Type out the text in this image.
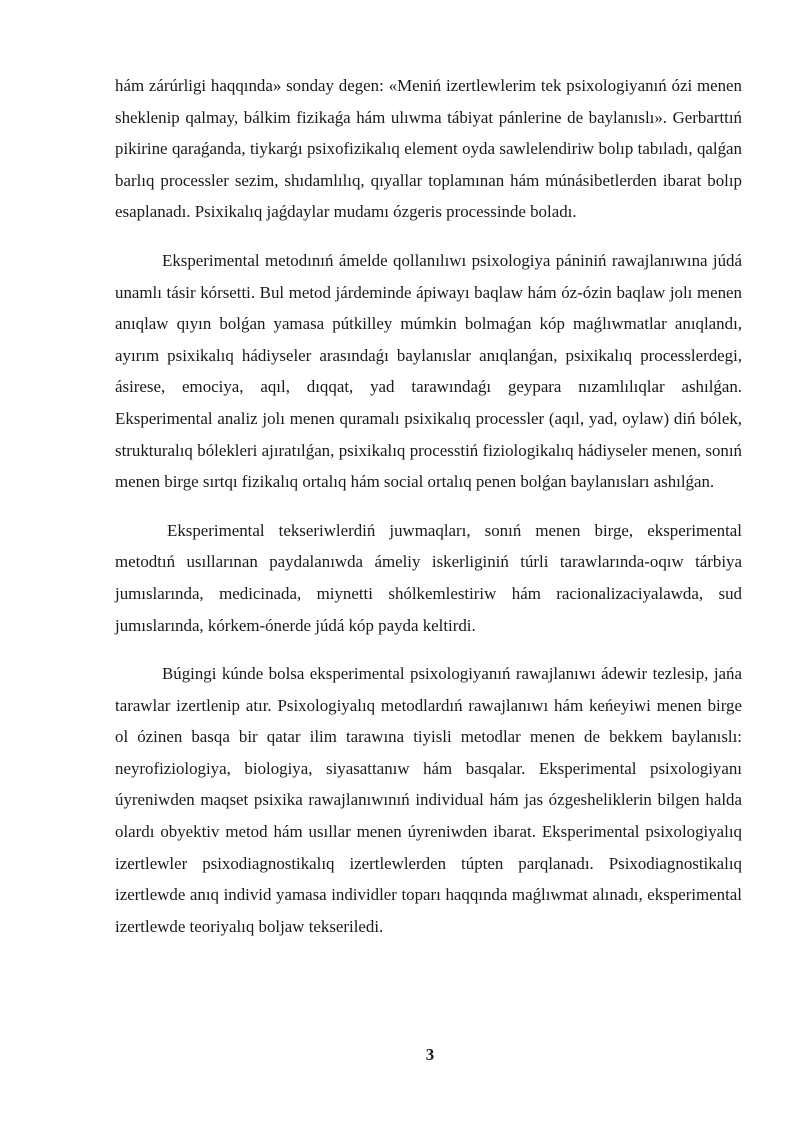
hám zárúrligi haqqında» sonday degen: «Meniń izertlewlerim tek psixologiyanıń ózi menen sheklenip qalmay, bálkim fizikaǵa hám ulıwma tábiyat pánlerine de baylanıslı». Gerbarttıń pikirine qaraǵanda, tiykarǵı psixofizikalıq element oyda sawlelendiriw bolıp tabıladı, qalǵan barlıq processler sezim, shıdamlılıq, qıyallar toplamınan hám múnásibetlerden ibarat bolıp esaplanadı. Psixikalıq jaǵdaylar mudamı ózgeris processinde boladı.

Eksperimental metodınıń ámelde qollanılıwı psixologiya pániniń rawajlanıwına júdá unamlı tásir kórsetti. Bul metod járdeminde ápiwayı baqlaw hám óz-ózin baqlaw jolı menen anıqlaw qıyın bolǵan yamasa pútkilley múmkin bolmaǵan kóp maǵlıwmatlar anıqlandı, ayırım psixikalıq hádiyseler arasındaǵı baylanıslar anıqlanǵan, psixikalıq processlerdegi, ásirese, emociya, aqıl, dıqqat, yad tarawındaǵı geypara nızamlılıqlar ashılǵan. Eksperimental analiz jolı menen quramalı psixikalıq processler (aqıl, yad, oylaw) diń bólek, strukturalıq bólekleri ajıratılǵan, psixikalıq processtiń fiziologikalıq hádiyseler menen, sonıń menen birge sırtqı fizikalıq ortalıq hám social ortalıq penen bolǵan baylanısları ashılǵan.

Eksperimental tekseriwlerdiń juwmaqları, sonıń menen birge, eksperimental metodtıń usıllarınan paydalanıwda ámeliy iskerliginiń túrli tarawlarında-oqıw tárbiya jumıslarında, medicinada, miynetti shólkemlestiriw hám racionalizaciyalawda, sud jumıslarında, kórkem-ónerde júdá kóp payda keltirdi.

Búgingi kúnde bolsa eksperimental psixologiyanıń rawajlanıwı ádewir tezlesip, jańa tarawlar izertlenip atır. Psixologiyalıq metodlardıń rawajlanıwı hám keńeyiwi menen birge ol ózinen basqa bir qatar ilim tarawına tiyisli metodlar menen de bekkem baylanıslı: neyrofiziologiya, biologiya, siyasattanıw hám basqalar. Eksperimental psixologiyanı úyreniwden maqset psixika rawajlanıwınıń individual hám jas ózgesheliklerin bilgen halda olardı obyektiv metod hám usıllar menen úyreniwden ibarat. Eksperimental psixologiyalıq izertlewler psixodiagnostikalıq izertlewlerden túpten parqlanadı. Psixodiagnostikalıq izertlewde anıq individ yamasa individler toparı haqqında maǵlıwmat alınadı, eksperimental izertlewde teoriyalıq boljaw tekseriledi.

3
